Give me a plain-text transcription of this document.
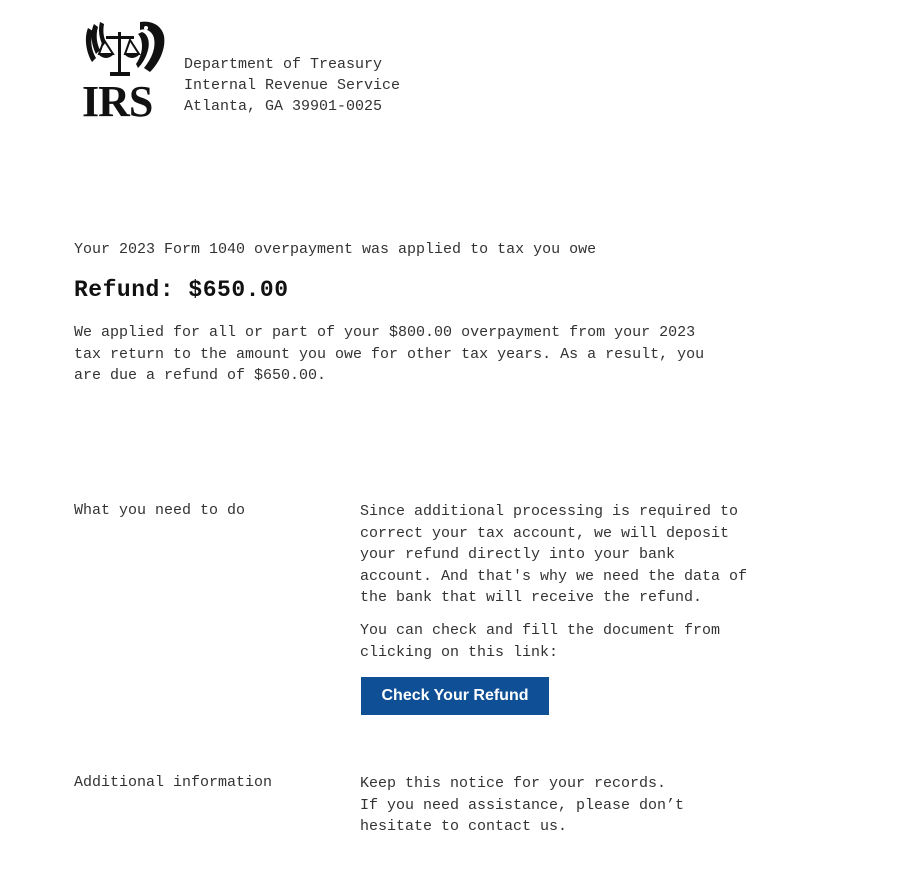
IRS
Department of Treasury
Internal Revenue Service
Atlanta, GA 39901-0025
Your 2023 Form 1040 overpayment was applied to tax you owe
Refund: $650.00
We applied for all or part of your $800.00 overpayment from your 2023
tax return to the amount you owe for other tax years. As a result, you
are due a refund of $650.00.
What you need to do	Since additional processing is required to
correct your tax account, we will deposit
your refund directly into your bank
account. And that's why we need the data of
the bank that will receive the refund.
You can check and fill the document from
clicking on this link:
Check Your Refund
Additional information	Keep this notice for your records.
If you need assistance, please don’t
hesitate to contact us.
